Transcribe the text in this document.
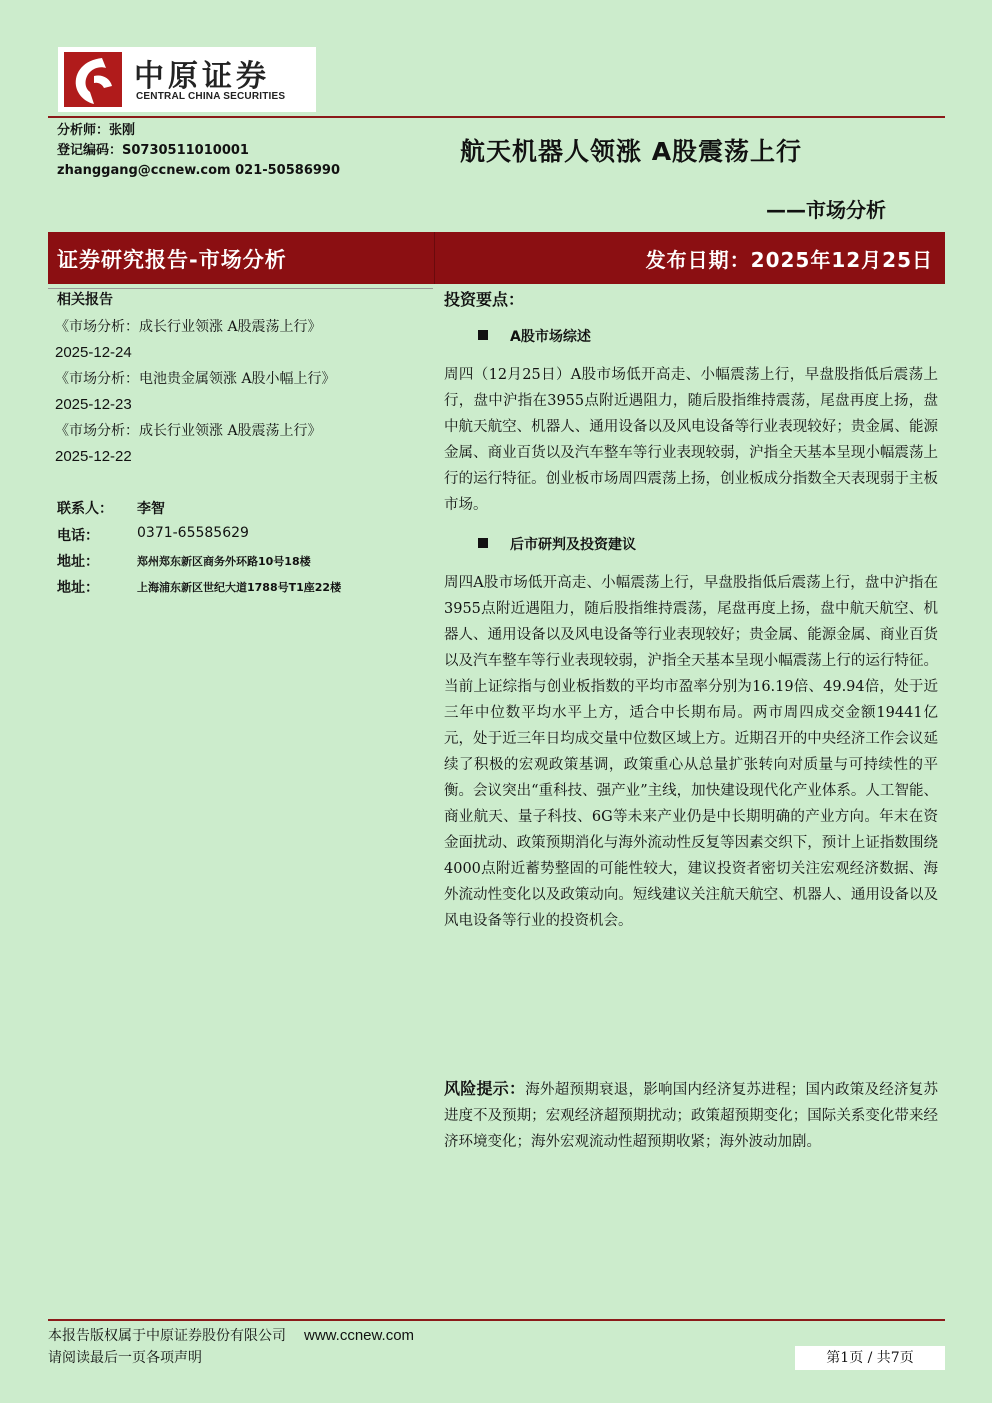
中原证券
CENTRAL CHINA SECURITIES
分析师：张刚
登记编码：S0730511010001
zhanggang@ccnew.com 021-50586990
航天机器人领涨 A股震荡上行
——市场分析
证券研究报告-市场分析	发布日期：2025年12月25日
相关报告
《市场分析：成长行业领涨 A股震荡上行》
2025-12-24
《市场分析：电池贵金属领涨 A股小幅上行》
2025-12-23
《市场分析：成长行业领涨 A股震荡上行》
2025-12-22
联系人： 李智
电话：	0371-65585629
地址：	郑州郑东新区商务外环路10号18楼
地址：	上海浦东新区世纪大道1788号T1座22楼
投资要点：
A股市场综述
周四（12月25日）A股市场低开高走、小幅震荡上行，早盘股指低后震荡上行，盘中沪指在3955点附近遇阻力，随后股指维持震荡，尾盘再度上扬，盘中航天航空、机器人、通用设备以及风电设备等行业表现较好；贵金属、能源金属、商业百货以及汽车整车等行业表现较弱，沪指全天基本呈现小幅震荡上行的运行特征。创业板市场周四震荡上扬，创业板成分指数全天表现弱于主板市场。
后市研判及投资建议
周四A股市场低开高走、小幅震荡上行，早盘股指低后震荡上行，盘中沪指在3955点附近遇阻力，随后股指维持震荡，尾盘再度上扬，盘中航天航空、机器人、通用设备以及风电设备等行业表现较好；贵金属、能源金属、商业百货以及汽车整车等行业表现较弱，沪指全天基本呈现小幅震荡上行的运行特征。当前上证综指与创业板指数的平均市盈率分别为16.19倍、49.94倍，处于近三年中位数平均水平上方，适合中长期布局。两市周四成交金额19441亿元，处于近三年日均成交量中位数区域上方。近期召开的中央经济工作会议延续了积极的宏观政策基调，政策重心从总量扩张转向对质量与可持续性的平衡。会议突出“重科技、强产业”主线，加快建设现代化产业体系。人工智能、商业航天、量子科技、6G等未来产业仍是中长期明确的产业方向。年末在资金面扰动、政策预期消化与海外流动性反复等因素交织下，预计上证指数围绕4000点附近蓄势整固的可能性较大，建议投资者密切关注宏观经济数据、海外流动性变化以及政策动向。短线建议关注航天航空、机器人、通用设备以及风电设备等行业的投资机会。
风险提示：海外超预期衰退，影响国内经济复苏进程；国内政策及经济复苏进度不及预期；宏观经济超预期扰动；政策超预期变化；国际关系变化带来经济环境变化；海外宏观流动性超预期收紧；海外波动加剧。
本报告版权属于中原证券股份有限公司 www.ccnew.com
请阅读最后一页各项声明	第1页 / 共7页
